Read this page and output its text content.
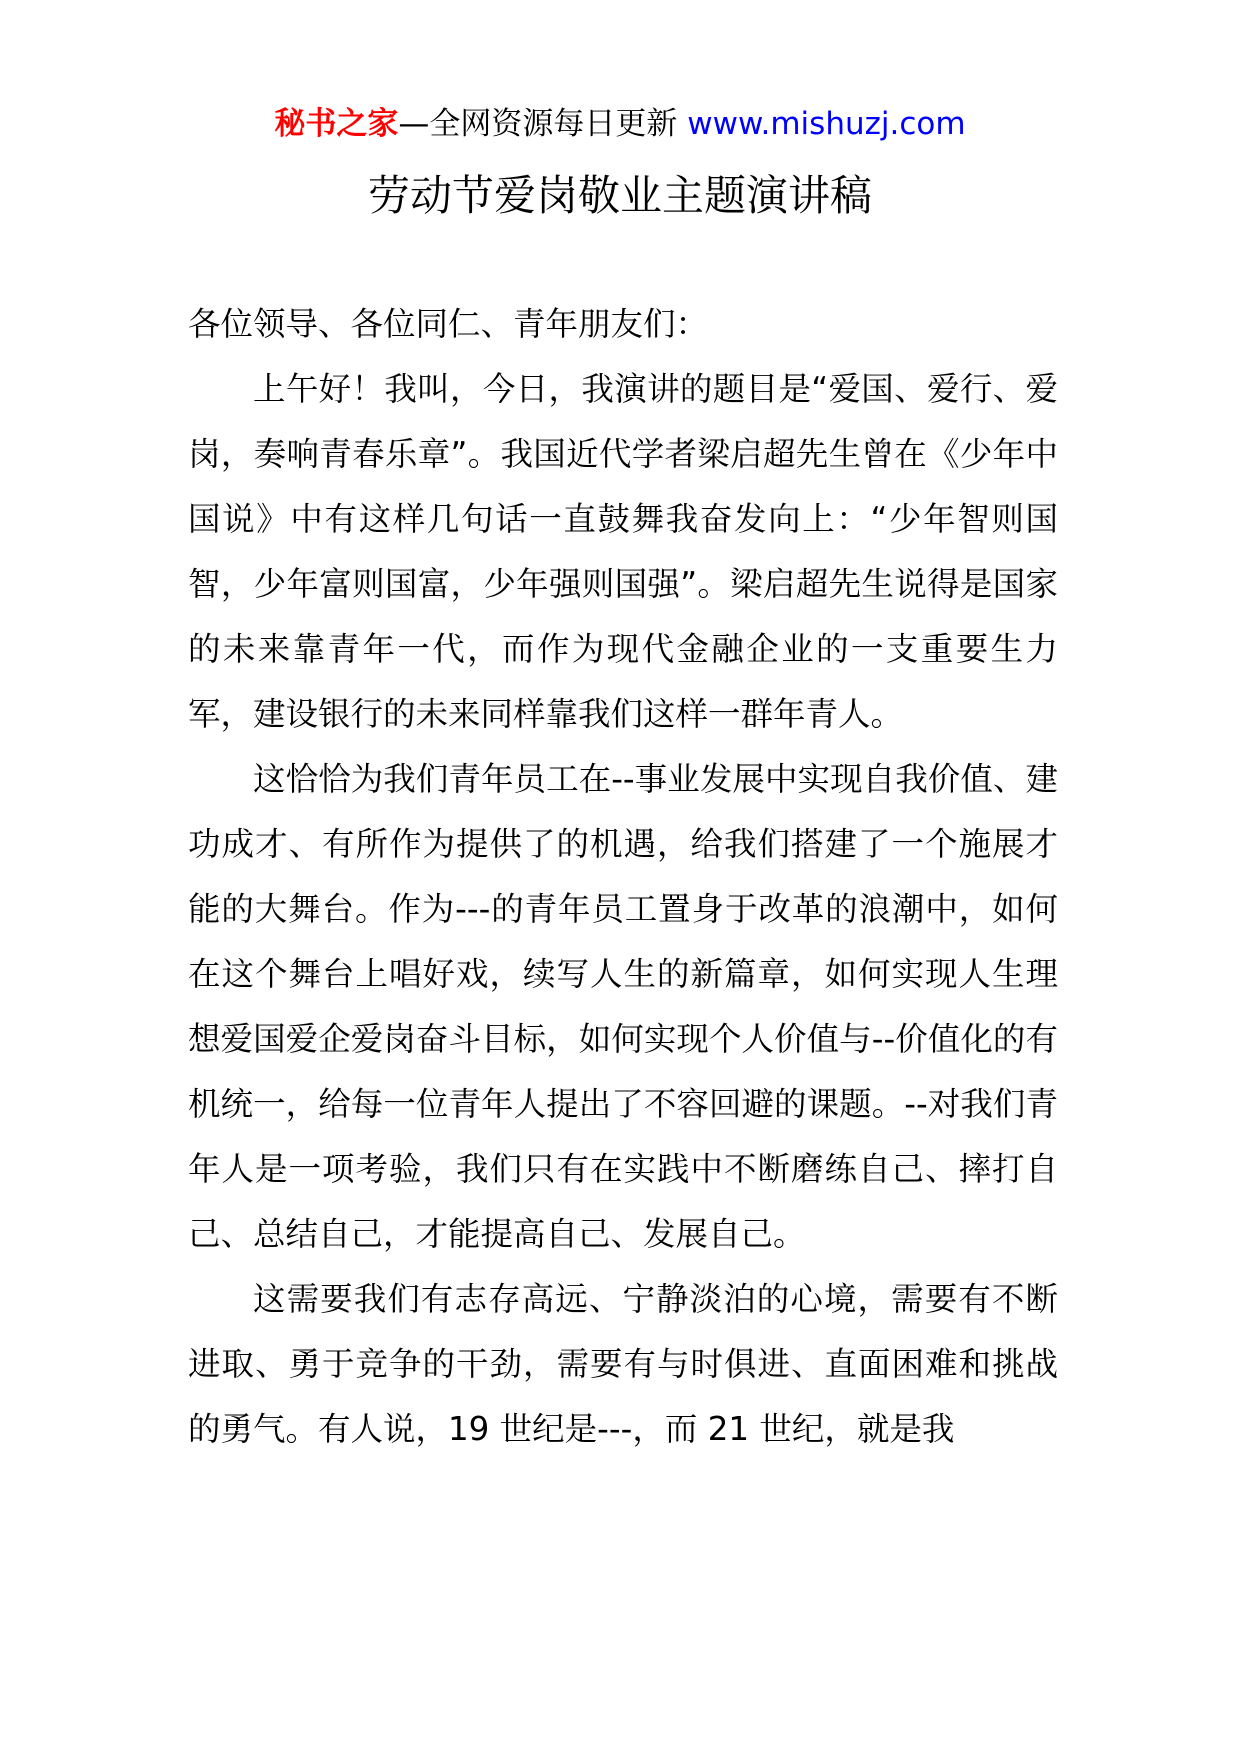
秘书之家—全网资源每日更新 www.mishuzj.com
劳动节爱岗敬业主题演讲稿

各位领导、各位同仁、青年朋友们：

上午好！我叫，今日，我演讲的题目是“爱国、爱行、爱岗，奏响青春乐章”。我国近代学者梁启超先生曾在《少年中国说》中有这样几句话一直鼓舞我奋发向上：“少年智则国智，少年富则国富，少年强则国强”。梁启超先生说得是国家的未来靠青年一代，而作为现代金融企业的一支重要生力军，建设银行的未来同样靠我们这样一群年青人。

这恰恰为我们青年员工在--事业发展中实现自我价值、建功成才、有所作为提供了的机遇，给我们搭建了一个施展才能的大舞台。作为---的青年员工置身于改革的浪潮中，如何在这个舞台上唱好戏，续写人生的新篇章，如何实现人生理想爱国爱企爱岗奋斗目标，如何实现个人价值与--价值化的有机统一，给每一位青年人提出了不容回避的课题。--对我们青年人是一项考验，我们只有在实践中不断磨练自己、摔打自己、总结自己，才能提高自己、发展自己。

这需要我们有志存高远、宁静淡泊的心境，需要有不断进取、勇于竞争的干劲，需要有与时俱进、直面困难和挑战的勇气。有人说，19 世纪是---，而 21 世纪，就是我
